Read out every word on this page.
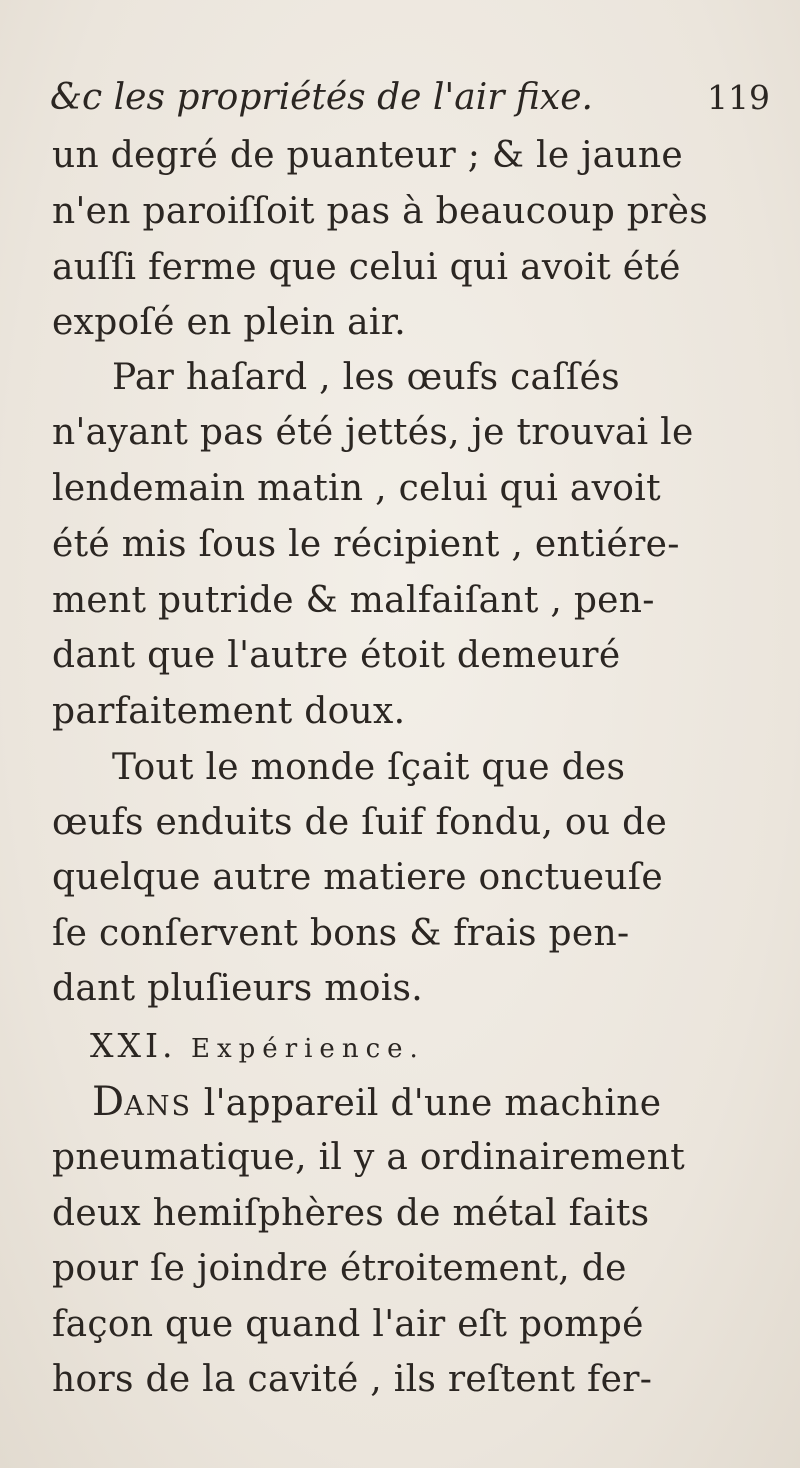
&c les propriétés de l'air fixe.	119
un degré de puanteur ; & le jaune
n'en paroiſſoit pas à beaucoup près
auſſi ferme que celui qui avoit été
expoſé en plein air.
Par haſard , les œufs caſſés
n'ayant pas été jettés, je trouvai le
lendemain matin , celui qui avoit
été mis ſous le récipient , entiére-
ment putride & malfaiſant , pen-
dant que l'autre étoit demeuré
parfaitement doux.
Tout le monde ſçait que des
œufs enduits de ſuif fondu, ou de
quelque autre matiere onctueuſe
ſe conſervent bons & frais pen-
dant pluſieurs mois.
XXI. Expérience.
DANS l'appareil d'une machine
pneumatique, il y a ordinairement
deux hemiſphères de métal faits
pour ſe joindre étroitement, de
façon que quand l'air eſt pompé
hors de la cavité , ils reſtent fer-
